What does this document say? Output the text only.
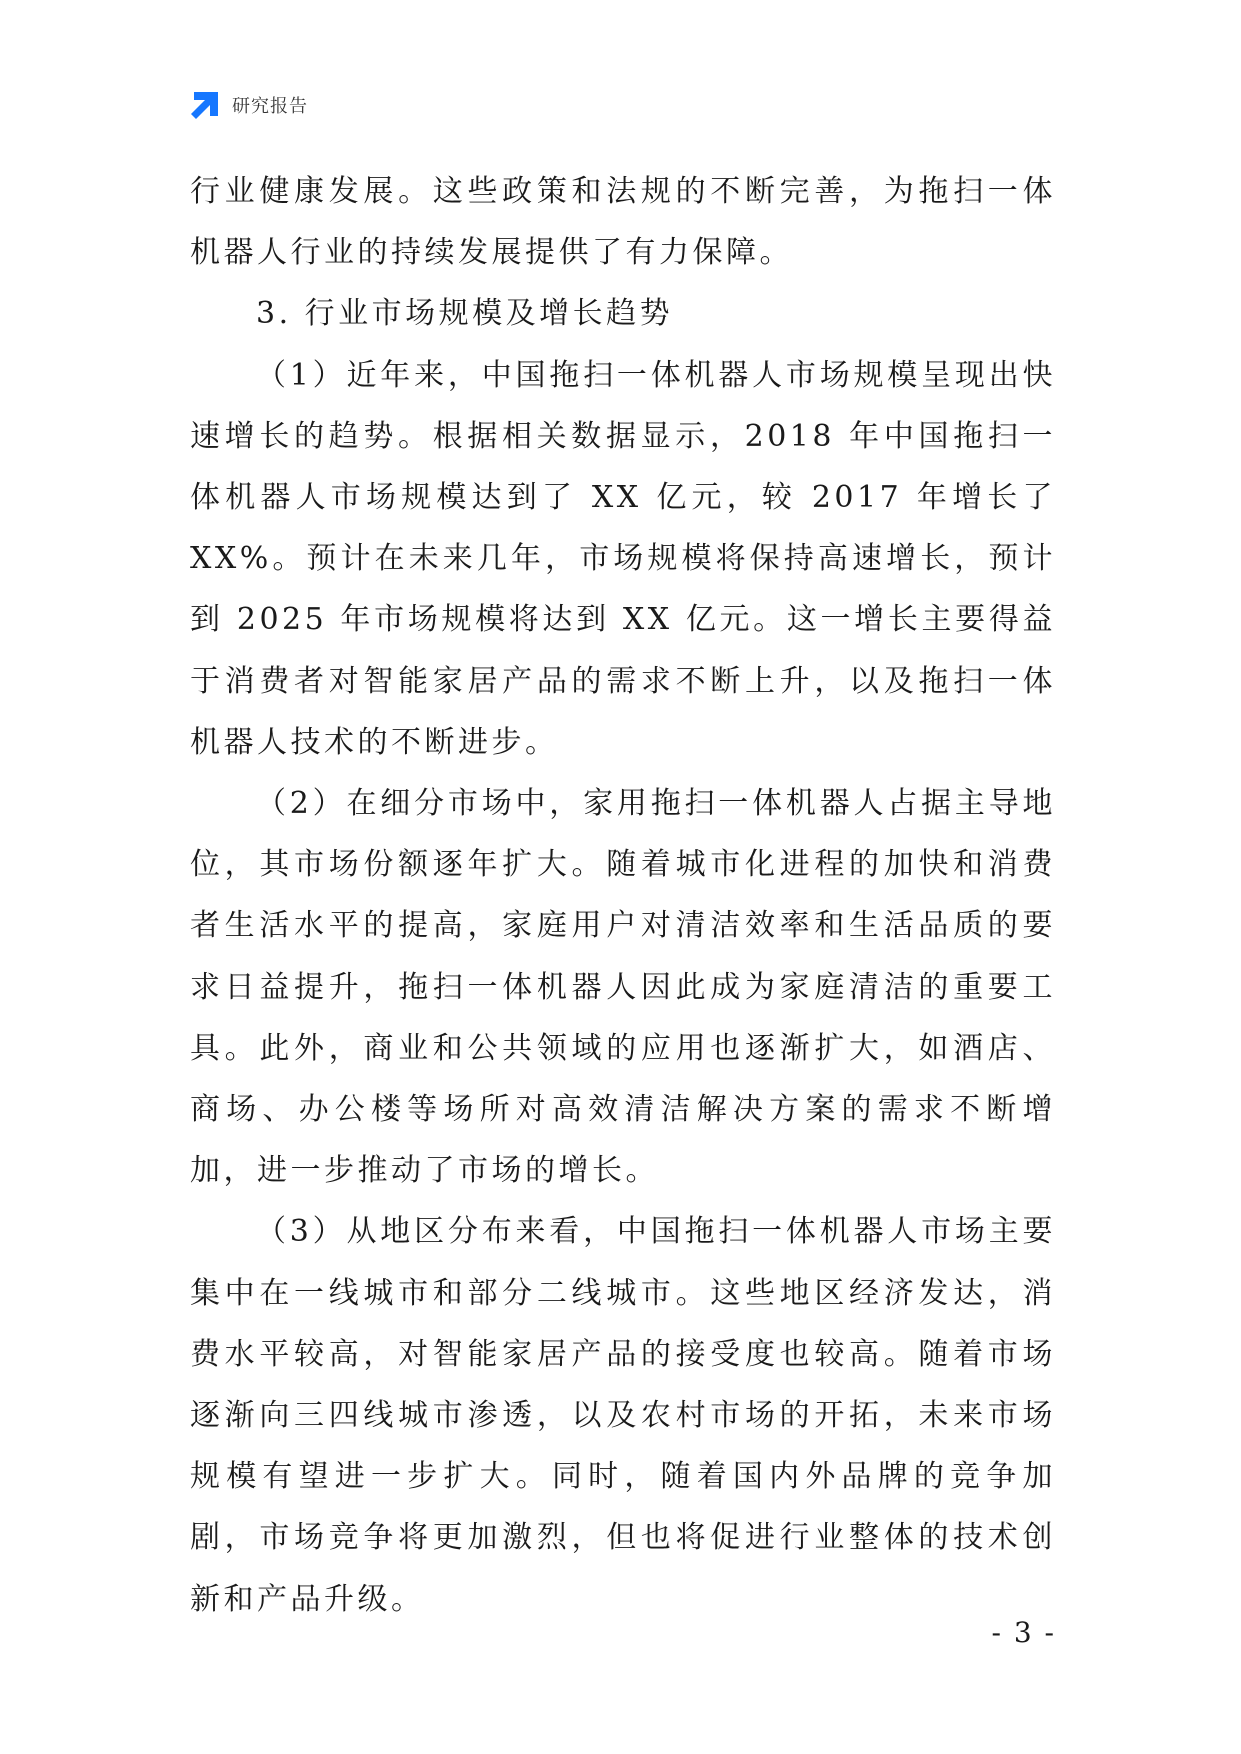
研究报告

行业健康发展。这些政策和法规的不断完善，为拖扫一体机器人行业的持续发展提供了有力保障。

3. 行业市场规模及增长趋势

（1）近年来，中国拖扫一体机器人市场规模呈现出快速增长的趋势。根据相关数据显示，2018 年中国拖扫一体机器人市场规模达到了 XX 亿元，较 2017 年增长了 XX%。预计在未来几年，市场规模将保持高速增长，预计到 2025 年市场规模将达到 XX 亿元。这一增长主要得益于消费者对智能家居产品的需求不断上升，以及拖扫一体机器人技术的不断进步。

（2）在细分市场中，家用拖扫一体机器人占据主导地位，其市场份额逐年扩大。随着城市化进程的加快和消费者生活水平的提高，家庭用户对清洁效率和生活品质的要求日益提升，拖扫一体机器人因此成为家庭清洁的重要工具。此外，商业和公共领域的应用也逐渐扩大，如酒店、商场、办公楼等场所对高效清洁解决方案的需求不断增加，进一步推动了市场的增长。

（3）从地区分布来看，中国拖扫一体机器人市场主要集中在一线城市和部分二线城市。这些地区经济发达，消费水平较高，对智能家居产品的接受度也较高。随着市场逐渐向三四线城市渗透，以及农村市场的开拓，未来市场规模有望进一步扩大。同时，随着国内外品牌的竞争加剧，市场竞争将更加激烈，但也将促进行业整体的技术创新和产品升级。

- 3 -
